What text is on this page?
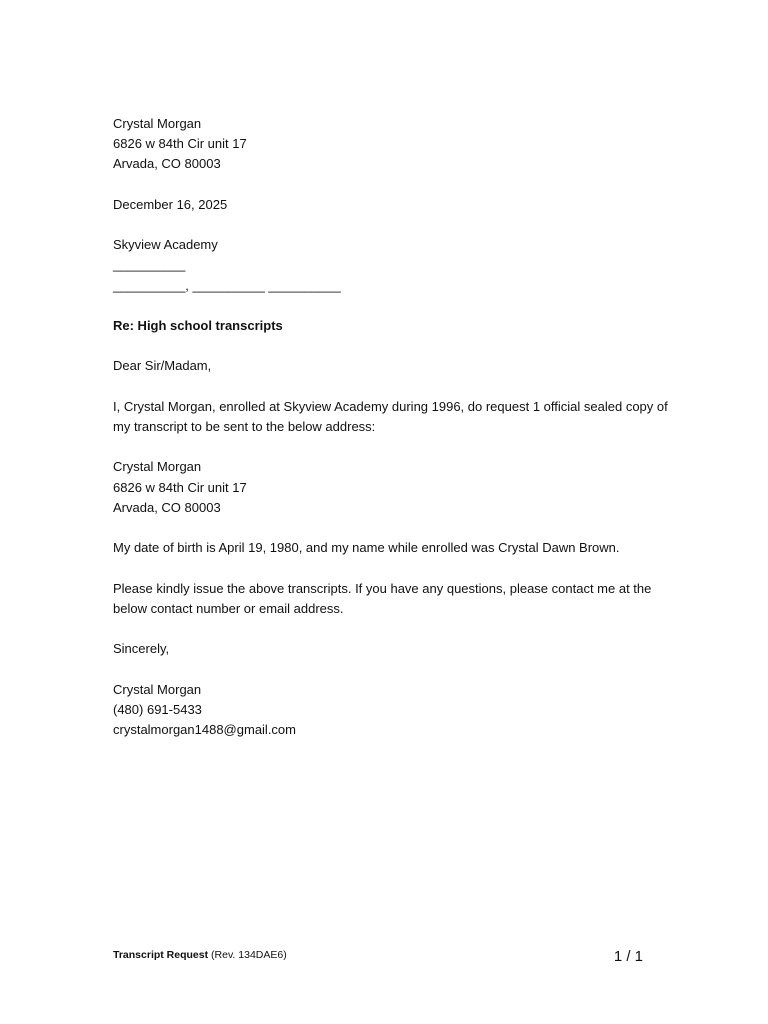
Crystal Morgan
6826 w 84th Cir unit 17
Arvada, CO 80003
December 16, 2025
Skyview Academy
__________
__________, __________ __________
Re: High school transcripts
Dear Sir/Madam,
I, Crystal Morgan, enrolled at Skyview Academy during 1996, do request 1 official sealed copy of my transcript to be sent to the below address:
Crystal Morgan
6826 w 84th Cir unit 17
Arvada, CO 80003
My date of birth is April 19, 1980, and my name while enrolled was Crystal Dawn Brown.
Please kindly issue the above transcripts. If you have any questions, please contact me at the below contact number or email address.
Sincerely,
Crystal Morgan
(480) 691-5433
crystalmorgan1488@gmail.com
Transcript Request (Rev. 134DAE6)	1 / 1
